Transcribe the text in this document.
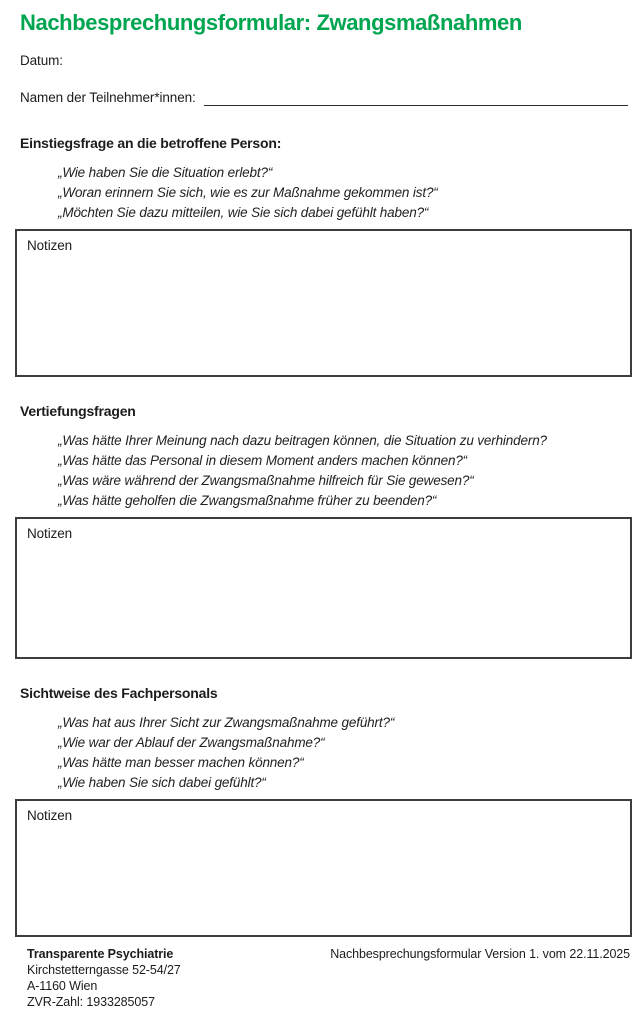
Nachbesprechungsformular: Zwangsmaßnahmen
Datum:
Namen der Teilnehmer*innen:
Einstiegsfrage an die betroffene Person:

„Wie haben Sie die Situation erlebt?“

„Woran erinnern Sie sich, wie es zur Maßnahme gekommen ist?“

„Möchten Sie dazu mitteilen, wie Sie sich dabei gefühlt haben?“

Notizen
Vertiefungsfragen

„Was hätte Ihrer Meinung nach dazu beitragen können, die Situation zu verhindern?

„Was hätte das Personal in diesem Moment anders machen können?“

„Was wäre während der Zwangsmaßnahme hilfreich für Sie gewesen?“

„Was hätte geholfen die Zwangsmaßnahme früher zu beenden?“

Notizen
Sichtweise des Fachpersonals

„Was hat aus Ihrer Sicht zur Zwangsmaßnahme geführt?“

„Wie war der Ablauf der Zwangsmaßnahme?“

„Was hätte man besser machen können?“

„Wie haben Sie sich dabei gefühlt?“

Notizen
Transparente Psychiatrie
Kirchstetterngasse 52-54/27
A-1160 Wien
ZVR-Zahl: 1933285057
Nachbesprechungsformular Version 1. vom 22.11.2025
